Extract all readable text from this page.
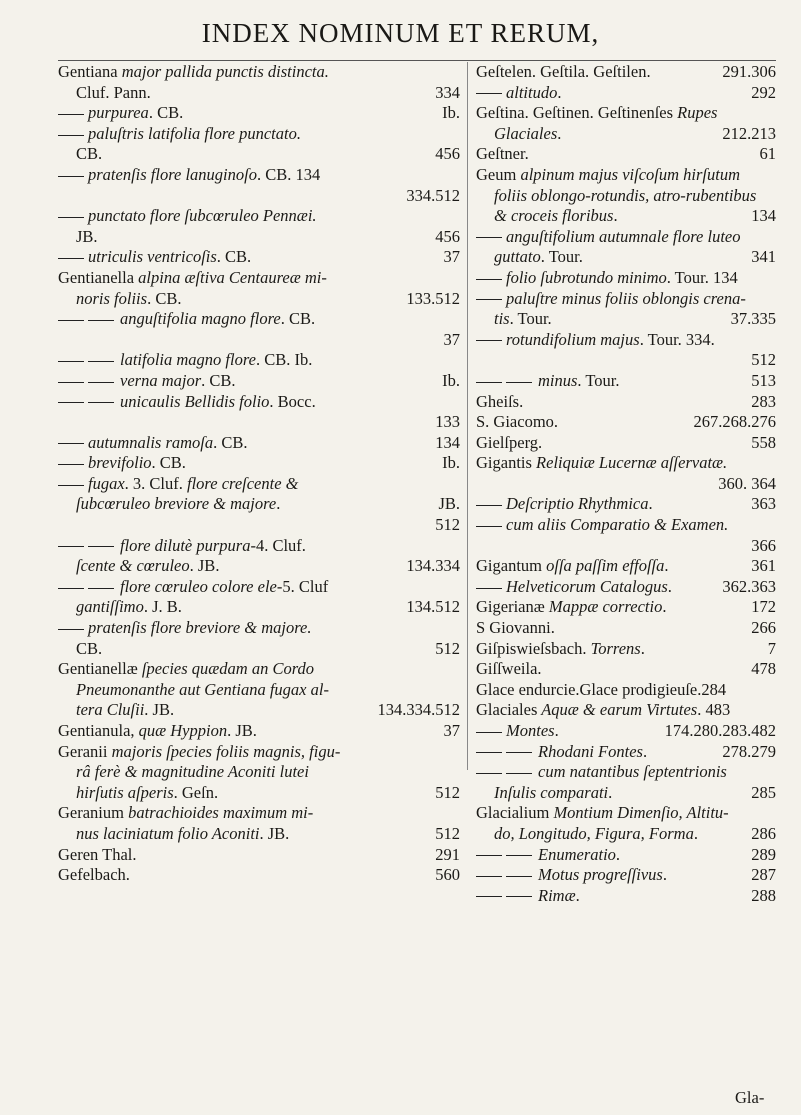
INDEX NOMINUM ET RERUM,
Gentiana major pallida punctis distincta.
334
Cluf. Pann.
Ib.
purpurea. CB.
paluſtris latifolia flore punctato.
456
CB.
pratenſis flore lanuginoſo. CB. 134
334.512
punctato flore ſubcœruleo Pennæi.
456
JB.
37
utriculis ventricoſis. CB.
Gentianella alpina æſtiva Centaureæ mi-
133.512
noris foliis. CB.
anguſtifolia magno flore. CB.
37
latifolia magno flore. CB. Ib.
Ib.
verna major. CB.
unicaulis Bellidis folio. Bocc.
133
134
autumnalis ramoſa. CB.
Ib.
brevifolio. CB.
fugax. 3. Cluf. flore creſcente &
JB.
ſubcœruleo breviore & majore.
512
flore dilutè purpura-4. Cluf.
134.334
ſcente & cœruleo. JB.
flore cœruleo colore ele-5. Cluf
134.512
gantiſſimo. J. B.
pratenſis flore breviore & majore.
512
CB.
Gentianellæ ſpecies quædam an Cordo
Pneumonanthe aut Gentiana fugax al-
134.334.512
tera Cluſii. JB.
37
Gentianula, quæ Hyppion. JB.
Geranii majoris ſpecies foliis magnis, figu-
râ ferè & magnitudine Aconiti lutei
512
hirſutis aſperis. Geſn.
Geranium batrachioides maximum mi-
512
nus laciniatum folio Aconiti. JB.
291
Geren Thal.
560
Gefelbach.
291.306
Geſtelen. Geſtila. Geſtilen.
292
altitudo.
Geſtina. Geſtinen. Geſtinenſes Rupes
212.213
Glaciales.
61
Geſtner.
Geum alpinum majus viſcoſum hirſutum
foliis oblongo-rotundis, atro-rubentibus
134
& croceis floribus.
anguſtifolium autumnale flore luteo
341
guttato. Tour.
folio ſubrotundo minimo. Tour. 134
paluſtre minus foliis oblongis crena-
37.335
tis. Tour.
rotundifolium majus. Tour. 334.
512
513
minus. Tour.
283
Gheiſs.
267.268.276
S. Giacomo.
558
Gielſperg.
Gigantis Reliquiæ Lucernæ aſſervatæ.
360. 364
363
Deſcriptio Rhythmica.
cum aliis Comparatio & Examen.
366
361
Gigantum oſſa paſſim effoſſa.
362.363
Helveticorum Catalogus.
172
Gigerianæ Mappæ correctio.
266
S Giovanni.
7
Giſpiswieſsbach. Torrens.
478
Giſſweila.
Glace endurcie.Glace prodigieuſe.284
Glaciales Aquæ & earum Virtutes. 483
174.280.283.482
Montes.
278.279
Rhodani Fontes.
cum natantibus ſeptentrionis
285
Inſulis comparati.
Glacialium Montium Dimenſio, Altitu-
286
do, Longitudo, Figura, Forma.
289
Enumeratio.
287
Motus progreſſivus.
288
Rimæ.
Gla-
